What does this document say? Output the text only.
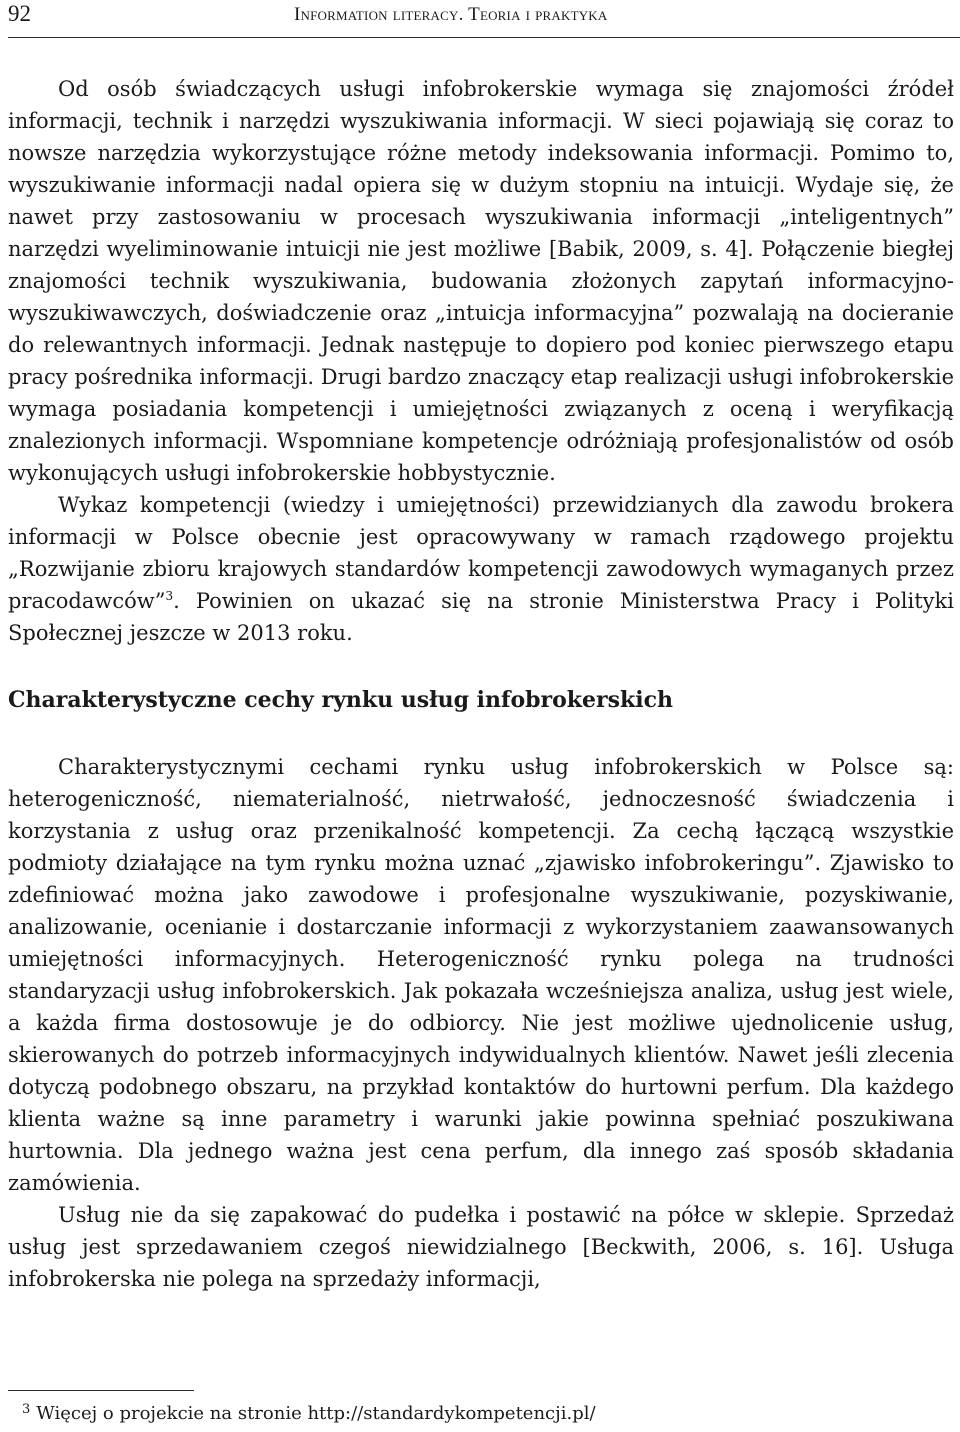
92	Information literacy. Teoria i praktyka

Od osób świadczących usługi infobrokerskie wymaga się znajomości źródeł informacji, technik i narzędzi wyszukiwania informacji. W sieci pojawiają się coraz to nowsze narzędzia wykorzystujące różne metody indeksowania informacji. Pomimo to, wyszukiwanie informacji nadal opiera się w dużym stopniu na intuicji. Wydaje się, że nawet przy zastosowaniu w procesach wyszukiwania informacji „inteligentnych” narzędzi wyeliminowanie intuicji nie jest możliwe [Babik, 2009, s. 4]. Połączenie biegłej znajomości technik wyszukiwania, budowania złożonych zapytań informacyjno-wyszukiwawczych, doświadczenie oraz „intuicja informacyjna” pozwalają na docieranie do relewantnych informacji. Jednak następuje to dopiero pod koniec pierwszego etapu pracy pośrednika informacji. Drugi bardzo znaczący etap realizacji usługi infobrokerskie wymaga posiadania kompetencji i umiejętności związanych z oceną i weryfikacją znalezionych informacji. Wspomniane kompetencje odróżniają profesjonalistów od osób wykonujących usługi infobrokerskie hobbystycznie.

Wykaz kompetencji (wiedzy i umiejętności) przewidzianych dla zawodu brokera informacji w Polsce obecnie jest opracowywany w ramach rządowego projektu „Rozwijanie zbioru krajowych standardów kompetencji zawodowych wymaganych przez pracodawców”$^3$. Powinien on ukazać się na stronie Ministerstwa Pracy i Polityki Społecznej jeszcze w 2013 roku.

Charakterystyczne cechy rynku usług infobrokerskich

Charakterystycznymi cechami rynku usług infobrokerskich w Polsce są: heterogeniczność, niematerialność, nietrwałość, jednoczesność świadczenia i korzystania z usług oraz przenikalność kompetencji. Za cechą łączącą wszystkie podmioty działające na tym rynku można uznać „zjawisko infobrokeringu”. Zjawisko to zdefiniować można jako zawodowe i profesjonalne wyszukiwanie, pozyskiwanie, analizowanie, ocenianie i dostarczanie informacji z wykorzystaniem zaawansowanych umiejętności informacyjnych. Heterogeniczność rynku polega na trudności standaryzacji usług infobrokerskich. Jak pokazała wcześniejsza analiza, usług jest wiele, a każda firma dostosowuje je do odbiorcy. Nie jest możliwe ujednolicenie usług, skierowanych do potrzeb informacyjnych indywidualnych klientów. Nawet jeśli zlecenia dotyczą podobnego obszaru, na przykład kontaktów do hurtowni perfum. Dla każdego klienta ważne są inne parametry i warunki jakie powinna spełniać poszukiwana hurtownia. Dla jednego ważna jest cena perfum, dla innego zaś sposób składania zamówienia.

Usług nie da się zapakować do pudełka i postawić na półce w sklepie. Sprzedaż usług jest sprzedawaniem czegoś niewidzialnego [Beckwith, 2006, s. 16]. Usługa infobrokerska nie polega na sprzedaży informacji,

$^3$ Więcej o projekcie na stronie http://standardykompetencji.pl/
